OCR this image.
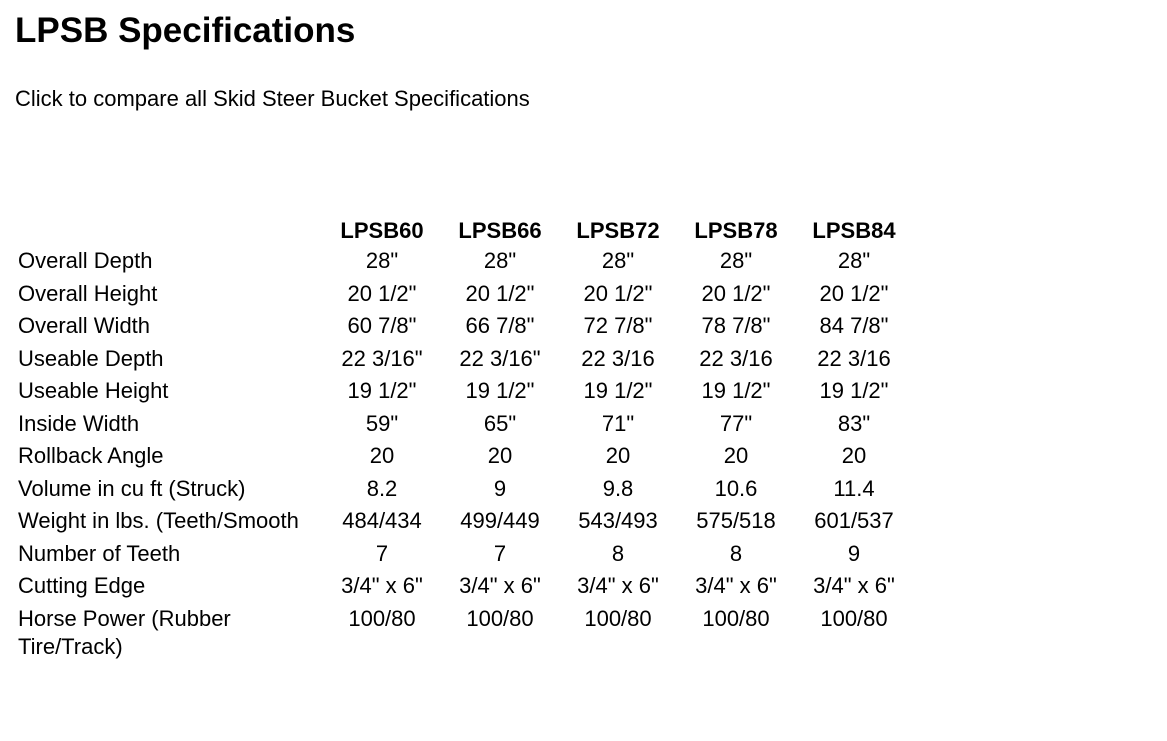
LPSB Specifications
Click to compare all Skid Steer Bucket Specifications
	LPSB60	LPSB66	LPSB72	LPSB78	LPSB84
Overall Depth	28"	28"	28"	28"	28"
Overall Height	20 1/2"	20 1/2"	20 1/2"	20 1/2"	20 1/2"
Overall Width	60 7/8"	66 7/8"	72 7/8"	78 7/8"	84 7/8"
Useable Depth	22 3/16"	22 3/16"	22 3/16	22 3/16	22 3/16
Useable Height	19 1/2"	19 1/2"	19 1/2"	19 1/2"	19 1/2"
Inside Width	59"	65"	71"	77"	83"
Rollback Angle	20	20	20	20	20
Volume in cu ft (Struck)	8.2	9	9.8	10.6	11.4
Weight in lbs. (Teeth/Smooth	484/434	499/449	543/493	575/518	601/537
Number of Teeth	7	7	8	8	9
Cutting Edge	3/4" x 6"	3/4" x 6"	3/4" x 6"	3/4" x 6"	3/4" x 6"
Horse Power (Rubber Tire/Track)	100/80	100/80	100/80	100/80	100/80
